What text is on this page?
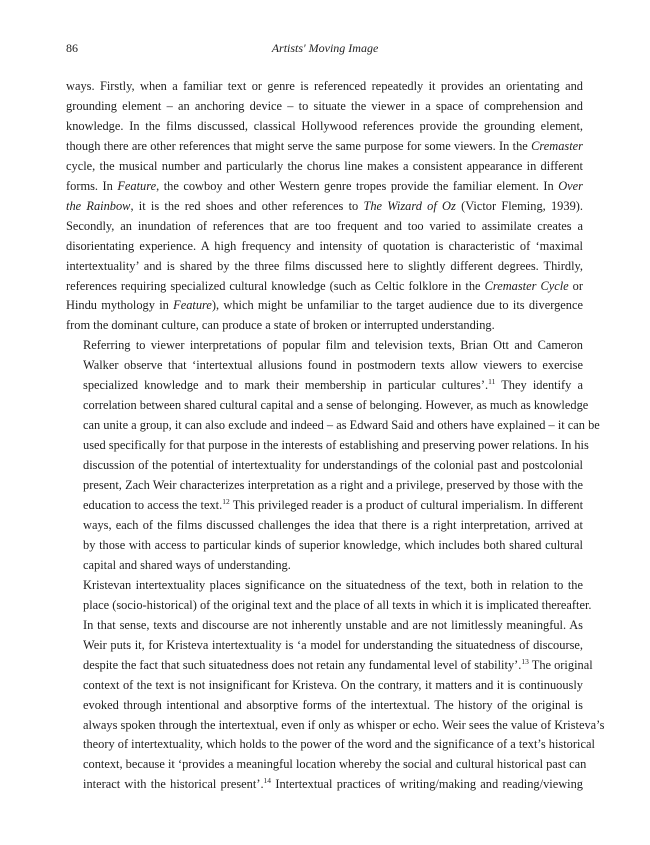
86	Artists' Moving Image

ways. Firstly, when a familiar text or genre is referenced repeatedly it provides an orientating and
grounding element – an anchoring device – to situate the viewer in a space of comprehension and
knowledge. In the films discussed, classical Hollywood references provide the grounding element,
though there are other references that might serve the same purpose for some viewers. In the Cremaster
cycle, the musical number and particularly the chorus line makes a consistent appearance in different
forms. In Feature, the cowboy and other Western genre tropes provide the familiar element. In Over
the Rainbow, it is the red shoes and other references to The Wizard of Oz (Victor Fleming, 1939).
Secondly, an inundation of references that are too frequent and too varied to assimilate creates a
disorientating experience. A high frequency and intensity of quotation is characteristic of ‘maximal
intertextuality’ and is shared by the three films discussed here to slightly different degrees. Thirdly,
references requiring specialized cultural knowledge (such as Celtic folklore in the Cremaster Cycle or
Hindu mythology in Feature), which might be unfamiliar to the target audience due to its divergence
from the dominant culture, can produce a state of broken or interrupted understanding.

Referring to viewer interpretations of popular film and television texts, Brian Ott and Cameron
Walker observe that ‘intertextual allusions found in postmodern texts allow viewers to exercise
specialized knowledge and to mark their membership in particular cultures’.$^{11}$ They identify a
correlation between shared cultural capital and a sense of belonging. However, as much as knowledge
can unite a group, it can also exclude and indeed – as Edward Said and others have explained – it can be
used specifically for that purpose in the interests of establishing and preserving power relations. In his
discussion of the potential of intertextuality for understandings of the colonial past and postcolonial
present, Zach Weir characterizes interpretation as a right and a privilege, preserved by those with the
education to access the text.$^{12}$ This privileged reader is a product of cultural imperialism. In different
ways, each of the films discussed challenges the idea that there is a right interpretation, arrived at
by those with access to particular kinds of superior knowledge, which includes both shared cultural
capital and shared ways of understanding.

Kristevan intertextuality places significance on the situatedness of the text, both in relation to the
place (socio-historical) of the original text and the place of all texts in which it is implicated thereafter.
In that sense, texts and discourse are not inherently unstable and are not limitlessly meaningful. As
Weir puts it, for Kristeva intertextuality is ‘a model for understanding the situatedness of discourse,
despite the fact that such situatedness does not retain any fundamental level of stability’.$^{13}$ The original
context of the text is not insignificant for Kristeva. On the contrary, it matters and it is continuously
evoked through intentional and absorptive forms of the intertextual. The history of the original is
always spoken through the intertextual, even if only as whisper or echo. Weir sees the value of Kristeva’s
theory of intertextuality, which holds to the power of the word and the significance of a text’s historical
context, because it ‘provides a meaningful location whereby the social and cultural historical past can
interact with the historical present’.$^{14}$ Intertextual practices of writing/making and reading/viewing
